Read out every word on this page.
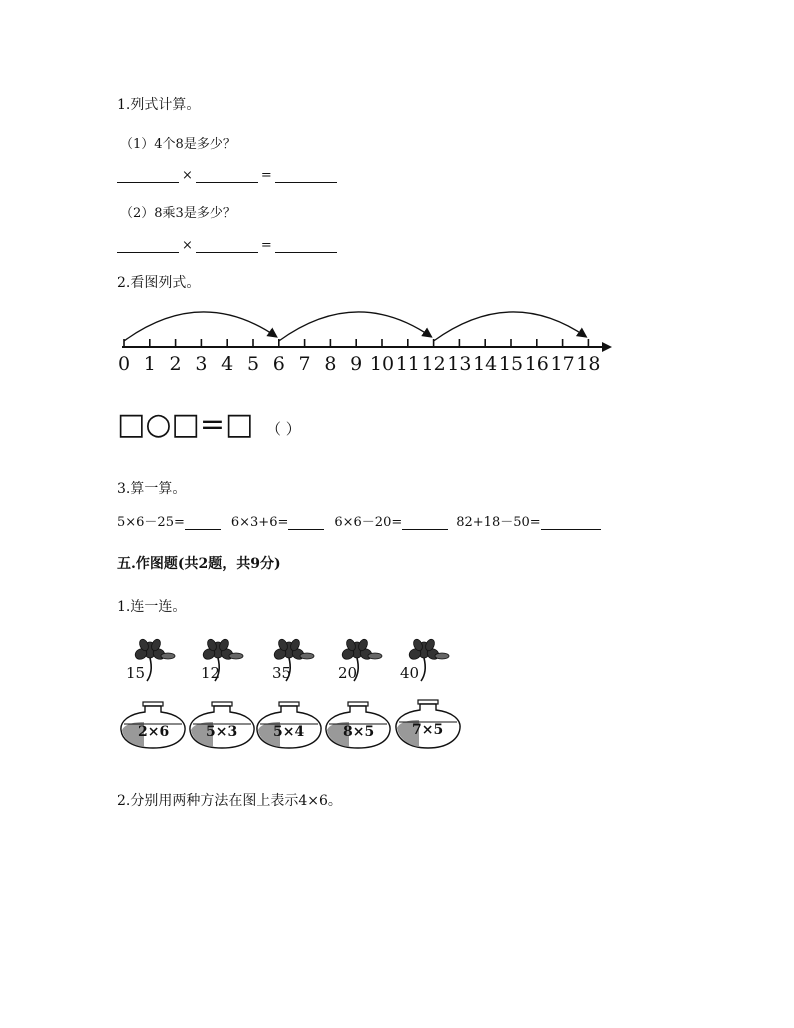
1.列式计算。
（1）4个8是多少？
×	=
（2）8乘3是多少？
×	=
2.看图列式。
0 1 2 3 4 5 6 7 8 9 10 11 12 13 14 15 16 17 18
□○□=□ （ ）
3.算一算。
5×6－25=	6×3+6=	6×6－20=	82+18－50=
五.作图题(共2题，共9分)
1.连一连。
15	12	35	20	40
2×6	5×3	5×4	8×5	7×5
2.分别用两种方法在图上表示4×6。
